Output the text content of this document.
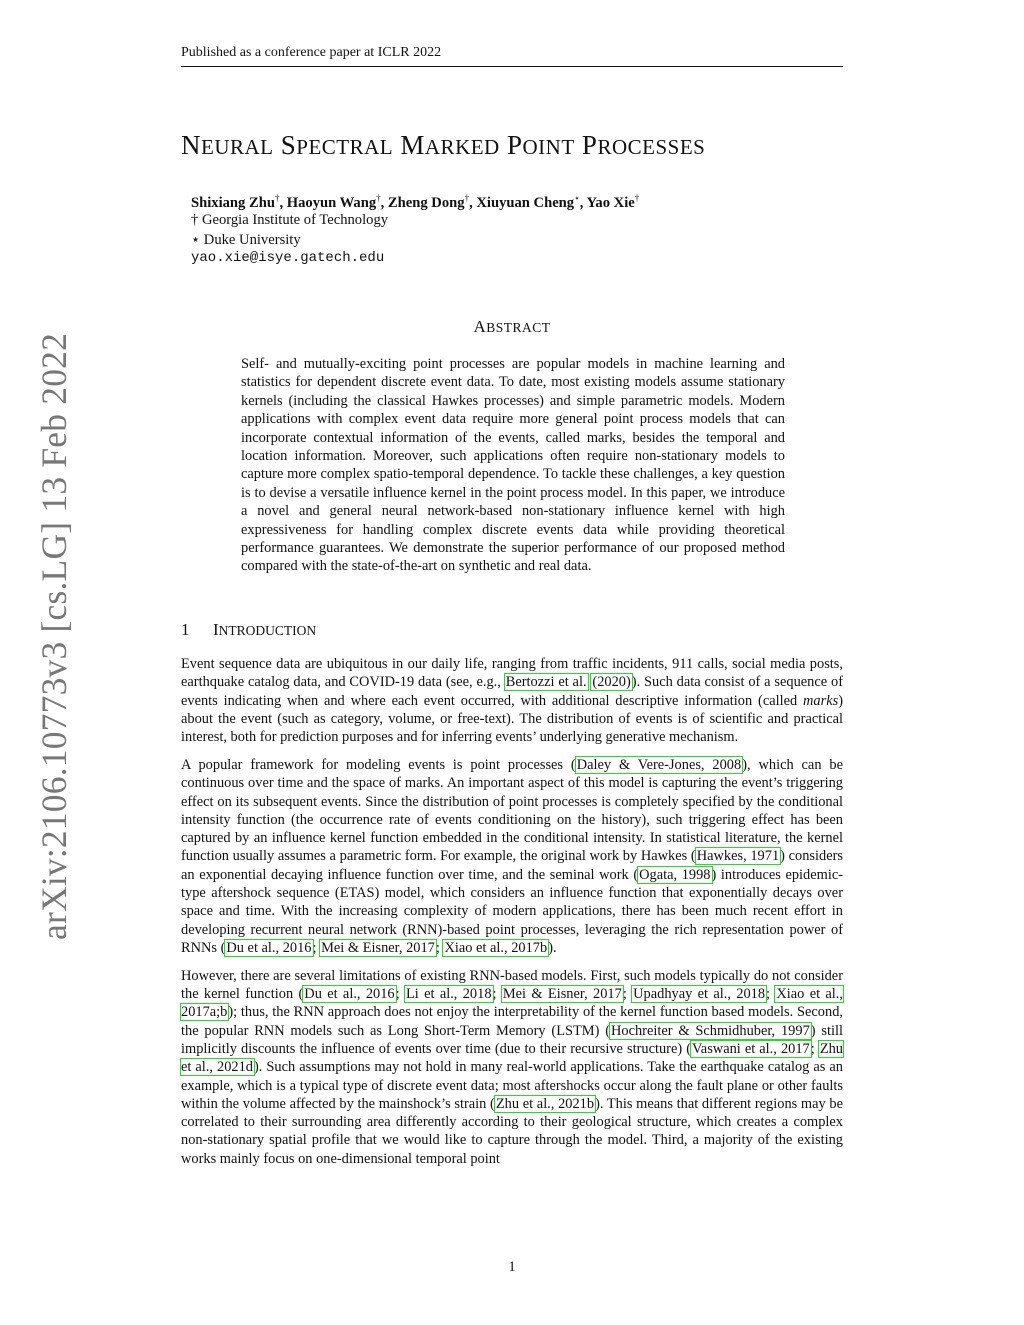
Published as a conference paper at ICLR 2022
arXiv:2106.10773v3 [cs.LG] 13 Feb 2022
NEURAL SPECTRAL MARKED POINT PROCESSES
Shixiang Zhu†, Haoyun Wang†, Zheng Dong†, Xiuyuan Cheng⋆, Yao Xie†
† Georgia Institute of Technology
⋆ Duke University
yao.xie@isye.gatech.edu
ABSTRACT
Self- and mutually-exciting point processes are popular models in machine learning and statistics for dependent discrete event data. To date, most existing models assume stationary kernels (including the classical Hawkes processes) and simple parametric models. Modern applications with complex event data require more general point process models that can incorporate contextual information of the events, called marks, besides the temporal and location information. Moreover, such applications often require non-stationary models to capture more complex spatio-temporal dependence. To tackle these challenges, a key question is to devise a versatile influence kernel in the point process model. In this paper, we introduce a novel and general neural network-based non-stationary influence kernel with high expressiveness for handling complex discrete events data while providing theoretical performance guarantees. We demonstrate the superior performance of our proposed method compared with the state-of-the-art on synthetic and real data.
1 INTRODUCTION

Event sequence data are ubiquitous in our daily life, ranging from traffic incidents, 911 calls, social media posts, earthquake catalog data, and COVID-19 data (see, e.g., Bertozzi et al. (2020)). Such data consist of a sequence of events indicating when and where each event occurred, with additional descriptive information (called marks) about the event (such as category, volume, or free-text). The distribution of events is of scientific and practical interest, both for prediction purposes and for inferring events’ underlying generative mechanism.

A popular framework for modeling events is point processes (Daley & Vere-Jones, 2008), which can be continuous over time and the space of marks. An important aspect of this model is capturing the event’s triggering effect on its subsequent events. Since the distribution of point processes is completely specified by the conditional intensity function (the occurrence rate of events conditioning on the history), such triggering effect has been captured by an influence kernel function embedded in the conditional intensity. In statistical literature, the kernel function usually assumes a parametric form. For example, the original work by Hawkes (Hawkes, 1971) considers an exponential decaying influence function over time, and the seminal work (Ogata, 1998) introduces epidemic-type aftershock sequence (ETAS) model, which considers an influence function that exponentially decays over space and time. With the increasing complexity of modern applications, there has been much recent effort in developing recurrent neural network (RNN)-based point processes, leveraging the rich representation power of RNNs (Du et al., 2016; Mei & Eisner, 2017; Xiao et al., 2017b).

However, there are several limitations of existing RNN-based models. First, such models typically do not consider the kernel function (Du et al., 2016; Li et al., 2018; Mei & Eisner, 2017; Upadhyay et al., 2018; Xiao et al., 2017a;b); thus, the RNN approach does not enjoy the interpretability of the kernel function based models. Second, the popular RNN models such as Long Short-Term Memory (LSTM) (Hochreiter & Schmidhuber, 1997) still implicitly discounts the influence of events over time (due to their recursive structure) (Vaswani et al., 2017; Zhu et al., 2021d). Such assumptions may not hold in many real-world applications. Take the earthquake catalog as an example, which is a typical type of discrete event data; most aftershocks occur along the fault plane or other faults within the volume affected by the mainshock’s strain (Zhu et al., 2021b). This means that different regions may be correlated to their surrounding area differently according to their geological structure, which creates a complex non-stationary spatial profile that we would like to capture through the model. Third, a majority of the existing works mainly focus on one-dimensional temporal point

1
